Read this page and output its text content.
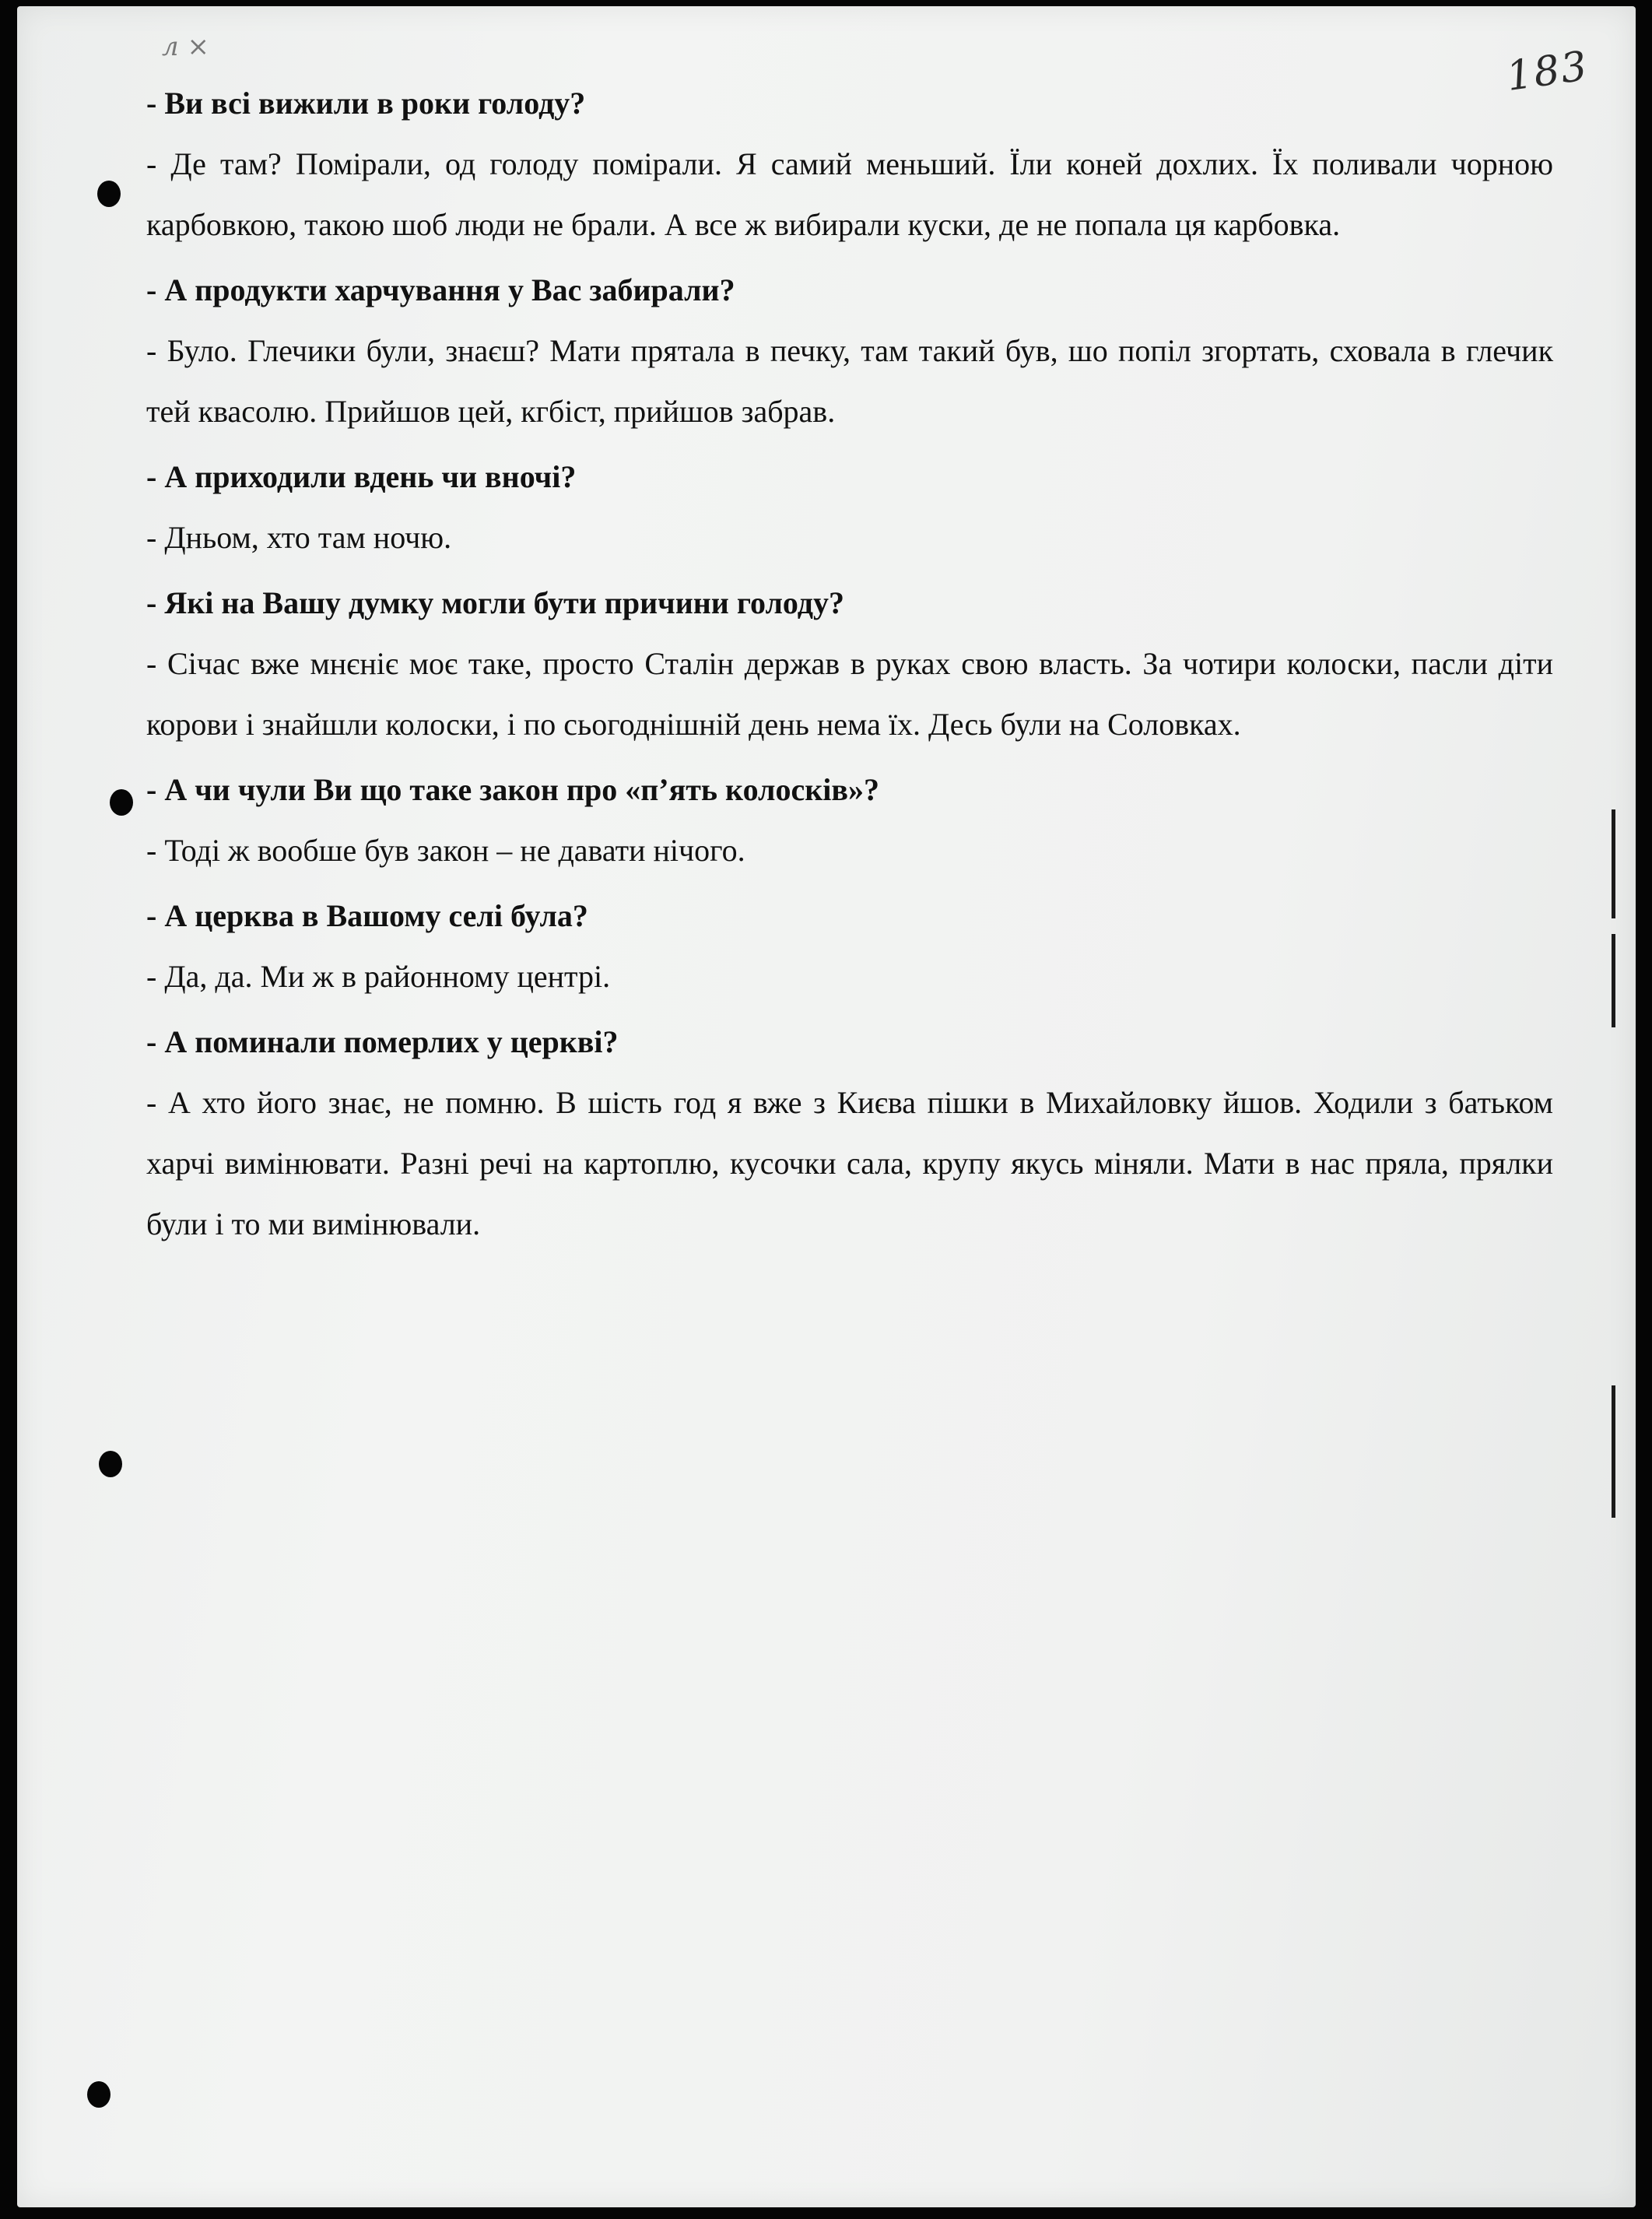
л ×	183

- Ви всі вижили в роки голоду?

- Де там? Помірали, од голоду помірали. Я самий меньший. Їли коней дохлих. Їх поливали чорною карбовкою, такою шоб люди не брали. А все ж вибирали куски, де не попала ця карбовка.

- А продукти харчування у Вас забирали?

- Було. Глечики були, знаєш? Мати прятала в печку, там такий був, шо попіл згортать, сховала в глечик тей квасолю. Прийшов цей, кгбіст, прийшов забрав.

- А приходили вдень чи вночі?

- Дньом, хто там ночю.

- Які на Вашу думку могли бути причини голоду?

- Січас вже мнєніє моє таке, просто Сталін держав в руках свою власть. За чотири колоски, пасли діти корови і знайшли колоски, і по сьогоднішній день нема їх. Десь були на Соловках.

- А чи чули Ви що таке закон про «п’ять колосків»?

- Тоді ж вообше був закон – не давати нічого.

- А церква в Вашому селі була?

- Да, да. Ми ж в районному центрі.

- А поминали померлих у церкві?

- А хто його знає, не помню. В шість год я вже з Києва пішки в Михайловку йшов. Ходили з батьком харчі вимінювати. Разні речі на картоплю, кусочки сала, крупу якусь міняли. Мати в нас пряла, прялки були і то ми вимінювали.
